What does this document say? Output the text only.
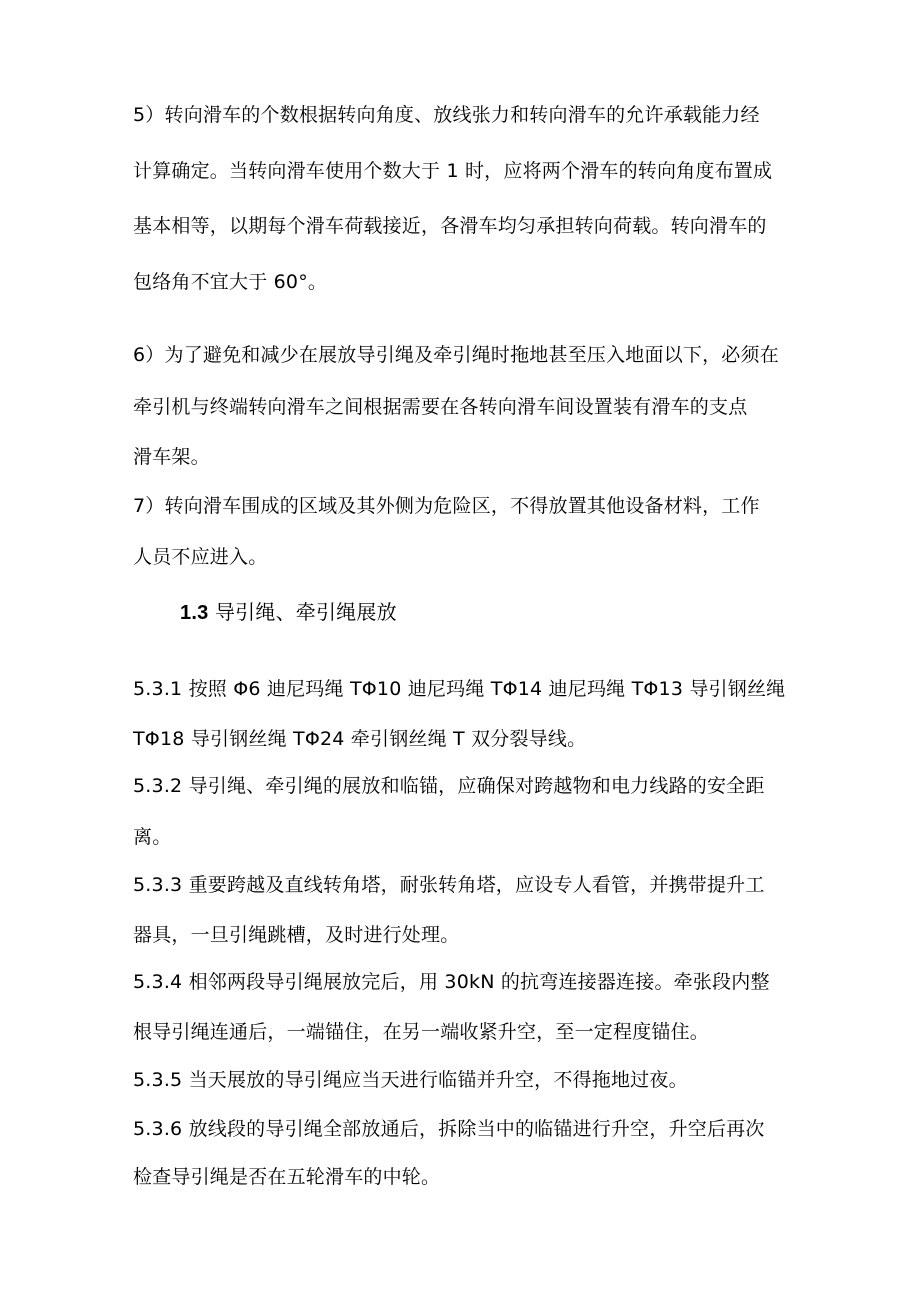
5）转向滑车的个数根据转向角度、放线张力和转向滑车的允许承载能力经
计算确定。当转向滑车使用个数大于 1 时，应将两个滑车的转向角度布置成
基本相等，以期每个滑车荷载接近，各滑车均匀承担转向荷载。转向滑车的
包络角不宜大于 60°。
6）为了避免和减少在展放导引绳及牵引绳时拖地甚至压入地面以下，必须在
牵引机与终端转向滑车之间根据需要在各转向滑车间设置装有滑车的支点
滑车架。
7）转向滑车围成的区域及其外侧为危险区，不得放置其他设备材料，工作
人员不应进入。
1.3 导引绳、牵引绳展放
5.3.1 按照 Φ6 迪尼玛绳 TΦ10 迪尼玛绳 TΦ14 迪尼玛绳 TΦ13 导引钢丝绳
TΦ18 导引钢丝绳 TΦ24 牵引钢丝绳 T 双分裂导线。
5.3.2 导引绳、牵引绳的展放和临锚，应确保对跨越物和电力线路的安全距
离。
5.3.3 重要跨越及直线转角塔，耐张转角塔，应设专人看管，并携带提升工
器具，一旦引绳跳槽，及时进行处理。
5.3.4 相邻两段导引绳展放完后，用 30kN 的抗弯连接器连接。牵张段内整
根导引绳连通后，一端锚住，在另一端收紧升空，至一定程度锚住。
5.3.5 当天展放的导引绳应当天进行临锚并升空，不得拖地过夜。
5.3.6 放线段的导引绳全部放通后，拆除当中的临锚进行升空，升空后再次
检查导引绳是否在五轮滑车的中轮。
